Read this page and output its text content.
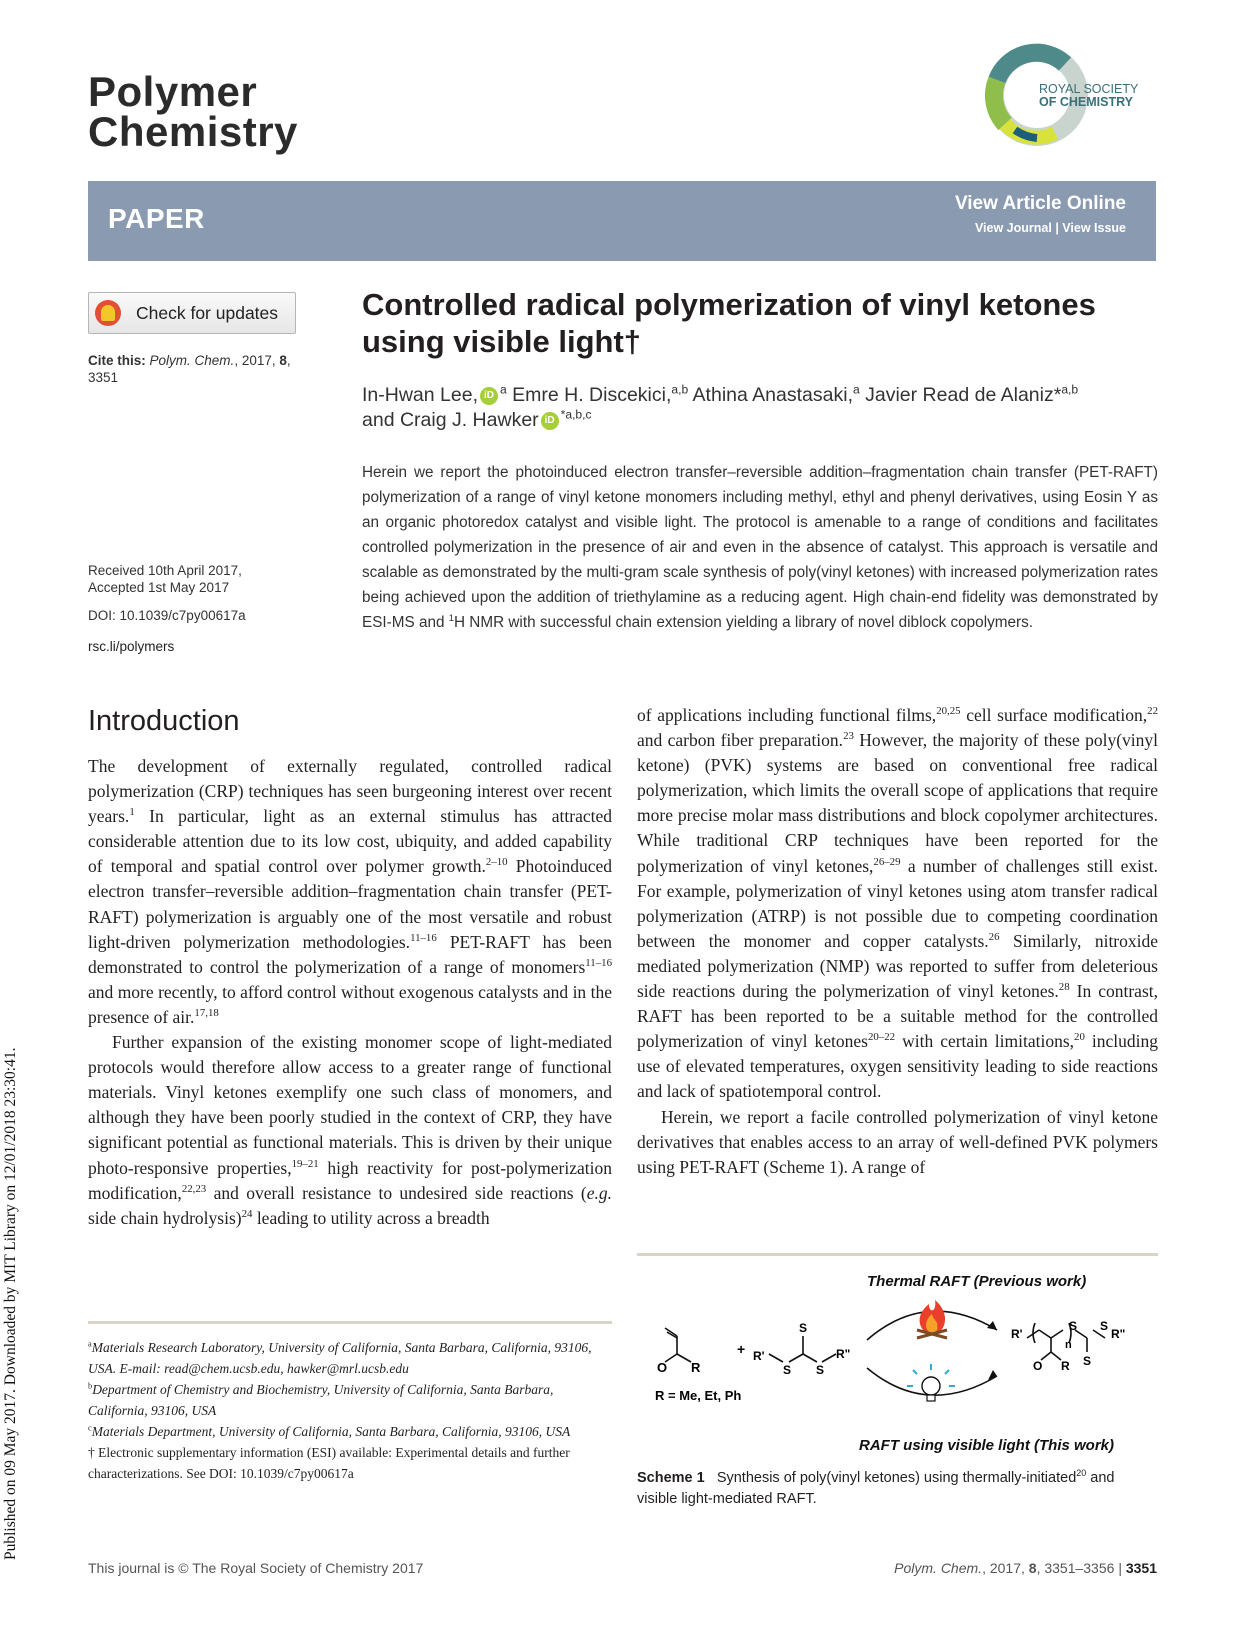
Published on 09 May 2017. Downloaded by MIT Library on 12/01/2018 23:30:41.
Polymer
Chemistry
ROYAL SOCIETY
OF CHEMISTRY
PAPER	View Article Online
View Journal | View Issue
Check for updates
Cite this: Polym. Chem., 2017, 8,
3351
Received 10th April 2017,
Accepted 1st May 2017
DOI: 10.1039/c7py00617a
rsc.li/polymers
Controlled radical polymerization of vinyl ketones
using visible light†
In-Hwan Lee, iD $^a$ Emre H. Discekici,$^{a,b}$ Athina Anastasaki,$^a$ Javier Read de Alaniz*$^{a,b}$
and Craig J. Hawker iD $^{*a,b,c}$
Herein we report the photoinduced electron transfer–reversible addition–fragmentation chain transfer (PET-RAFT) polymerization of a range of vinyl ketone monomers including methyl, ethyl and phenyl derivatives, using Eosin Y as an organic photoredox catalyst and visible light. The protocol is amenable to a range of conditions and facilitates controlled polymerization in the presence of air and even in the absence of catalyst. This approach is versatile and scalable as demonstrated by the multi-gram scale synthesis of poly(vinyl ketones) with increased polymerization rates being achieved upon the addition of triethylamine as a reducing agent. High chain-end fidelity was demonstrated by ESI-MS and $^1$H NMR with successful chain extension yielding a library of novel diblock copolymers.
Introduction

The development of externally regulated, controlled radical polymerization (CRP) techniques has seen burgeoning interest over recent years.$^1$ In particular, light as an external stimulus has attracted considerable attention due to its low cost, ubiquity, and added capability of temporal and spatial control over polymer growth.$^{2-10}$ Photoinduced electron transfer–reversible addition–fragmentation chain transfer (PET-RAFT) polymerization is arguably one of the most versatile and robust light-driven polymerization methodologies.$^{11-16}$ PET-RAFT has been demonstrated to control the polymerization of a range of monomers$^{11-16}$ and more recently, to afford control without exogenous catalysts and in the presence of air.$^{17,18}$

Further expansion of the existing monomer scope of light-mediated protocols would therefore allow access to a greater range of functional materials. Vinyl ketones exemplify one such class of monomers, and although they have been poorly studied in the context of CRP, they have significant potential as functional materials. This is driven by their unique photo-responsive properties,$^{19-21}$ high reactivity for post-polymerization modification,$^{22,23}$ and overall resistance to undesired side reactions (e.g. side chain hydrolysis)$^{24}$ leading to utility across a breadth

of applications including functional films,$^{20,25}$ cell surface modification,$^{22}$ and carbon fiber preparation.$^{23}$ However, the majority of these poly(vinyl ketone) (PVK) systems are based on conventional free radical polymerization, which limits the overall scope of applications that require more precise molar mass distributions and block copolymer architectures. While traditional CRP techniques have been reported for the polymerization of vinyl ketones,$^{26-29}$ a number of challenges still exist. For example, polymerization of vinyl ketones using atom transfer radical polymerization (ATRP) is not possible due to competing coordination between the monomer and copper catalysts.$^{26}$ Similarly, nitroxide mediated polymerization (NMP) was reported to suffer from deleterious side reactions during the polymerization of vinyl ketones.$^{28}$ In contrast, RAFT has been reported to be a suitable method for the controlled polymerization of vinyl ketones$^{20-22}$ with certain limitations,$^{20}$ including use of elevated temperatures, oxygen sensitivity leading to side reactions and lack of spatiotemporal control.

Herein, we report a facile controlled polymerization of vinyl ketone derivatives that enables access to an array of well-defined PVK polymers using PET-RAFT (Scheme 1). A range of

$^a$Materials Research Laboratory, University of California, Santa Barbara, California, 93106, USA. E-mail: read@chem.ucsb.edu, hawker@mrl.ucsb.edu

$^b$Department of Chemistry and Biochemistry, University of California, Santa Barbara, California, 93106, USA

$^c$Materials Department, University of California, Santa Barbara, California, 93106, USA

† Electronic supplementary information (ESI) available: Experimental details and further characterizations. See DOI: 10.1039/c7py00617a

Thermal RAFT (Previous work)
O R
+ R'
S
S
S
R"
R = Me, Et, Ph
R'
S
S
S
R"
n
O R
RAFT using visible light (This work)
Scheme 1 Synthesis of poly(vinyl ketones) using thermally-initiated$^{20}$ and visible light-mediated RAFT.
This journal is © The Royal Society of Chemistry 2017	Polym. Chem., 2017, 8, 3351–3356 | 3351
